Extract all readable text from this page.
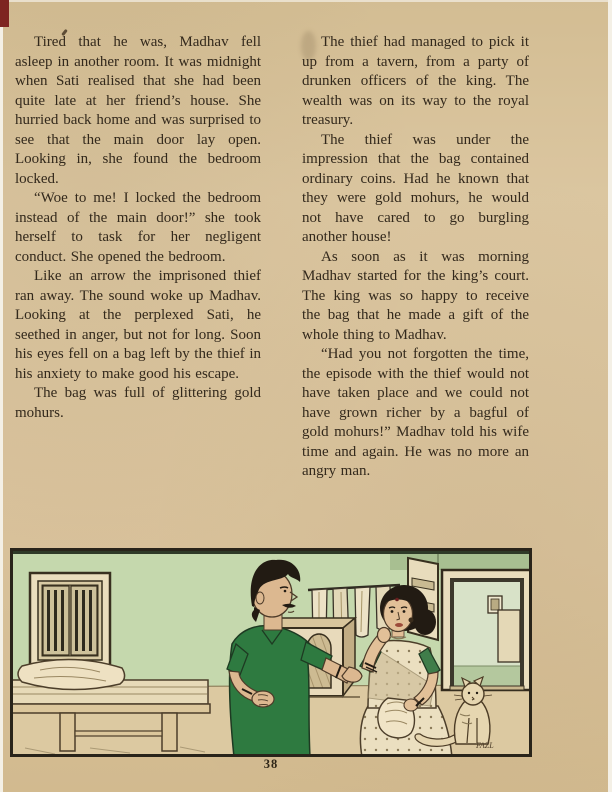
Tired that he was, Madhav fell asleep in another room. It was midnight when Sati realised that she had been quite late at her friend’s house. She hurried back home and was surprised to see that the main door lay open. Looking in, she found the bedroom locked.

“Woe to me! I locked the bedroom instead of the main door!” she took herself to task for her negligent conduct. She opened the bedroom.

Like an arrow the imprisoned thief ran away. The sound woke up Madhav. Looking at the perplexed Sati, he seethed in anger, but not for long. Soon his eyes fell on a bag left by the thief in his anxiety to make good his escape.

The bag was full of glittering gold mohurs.

The thief had managed to pick it up from a tavern, from a party of drunken officers of the king. The wealth was on its way to the royal treasury.

The thief was under the impression that the bag contained ordinary coins. Had he known that they were gold mohurs, he would not have cared to go burgling another house!

As soon as it was morning Madhav started for the king’s court. The king was so happy to receive the bag that he made a gift of the whole thing to Madhav.

“Had you not forgotten the time, the episode with the thief would not have taken place and we could not have grown richer by a bagful of gold mohurs!” Madhav told his wife time and again. He was no more an angry man.

FAZL
38
